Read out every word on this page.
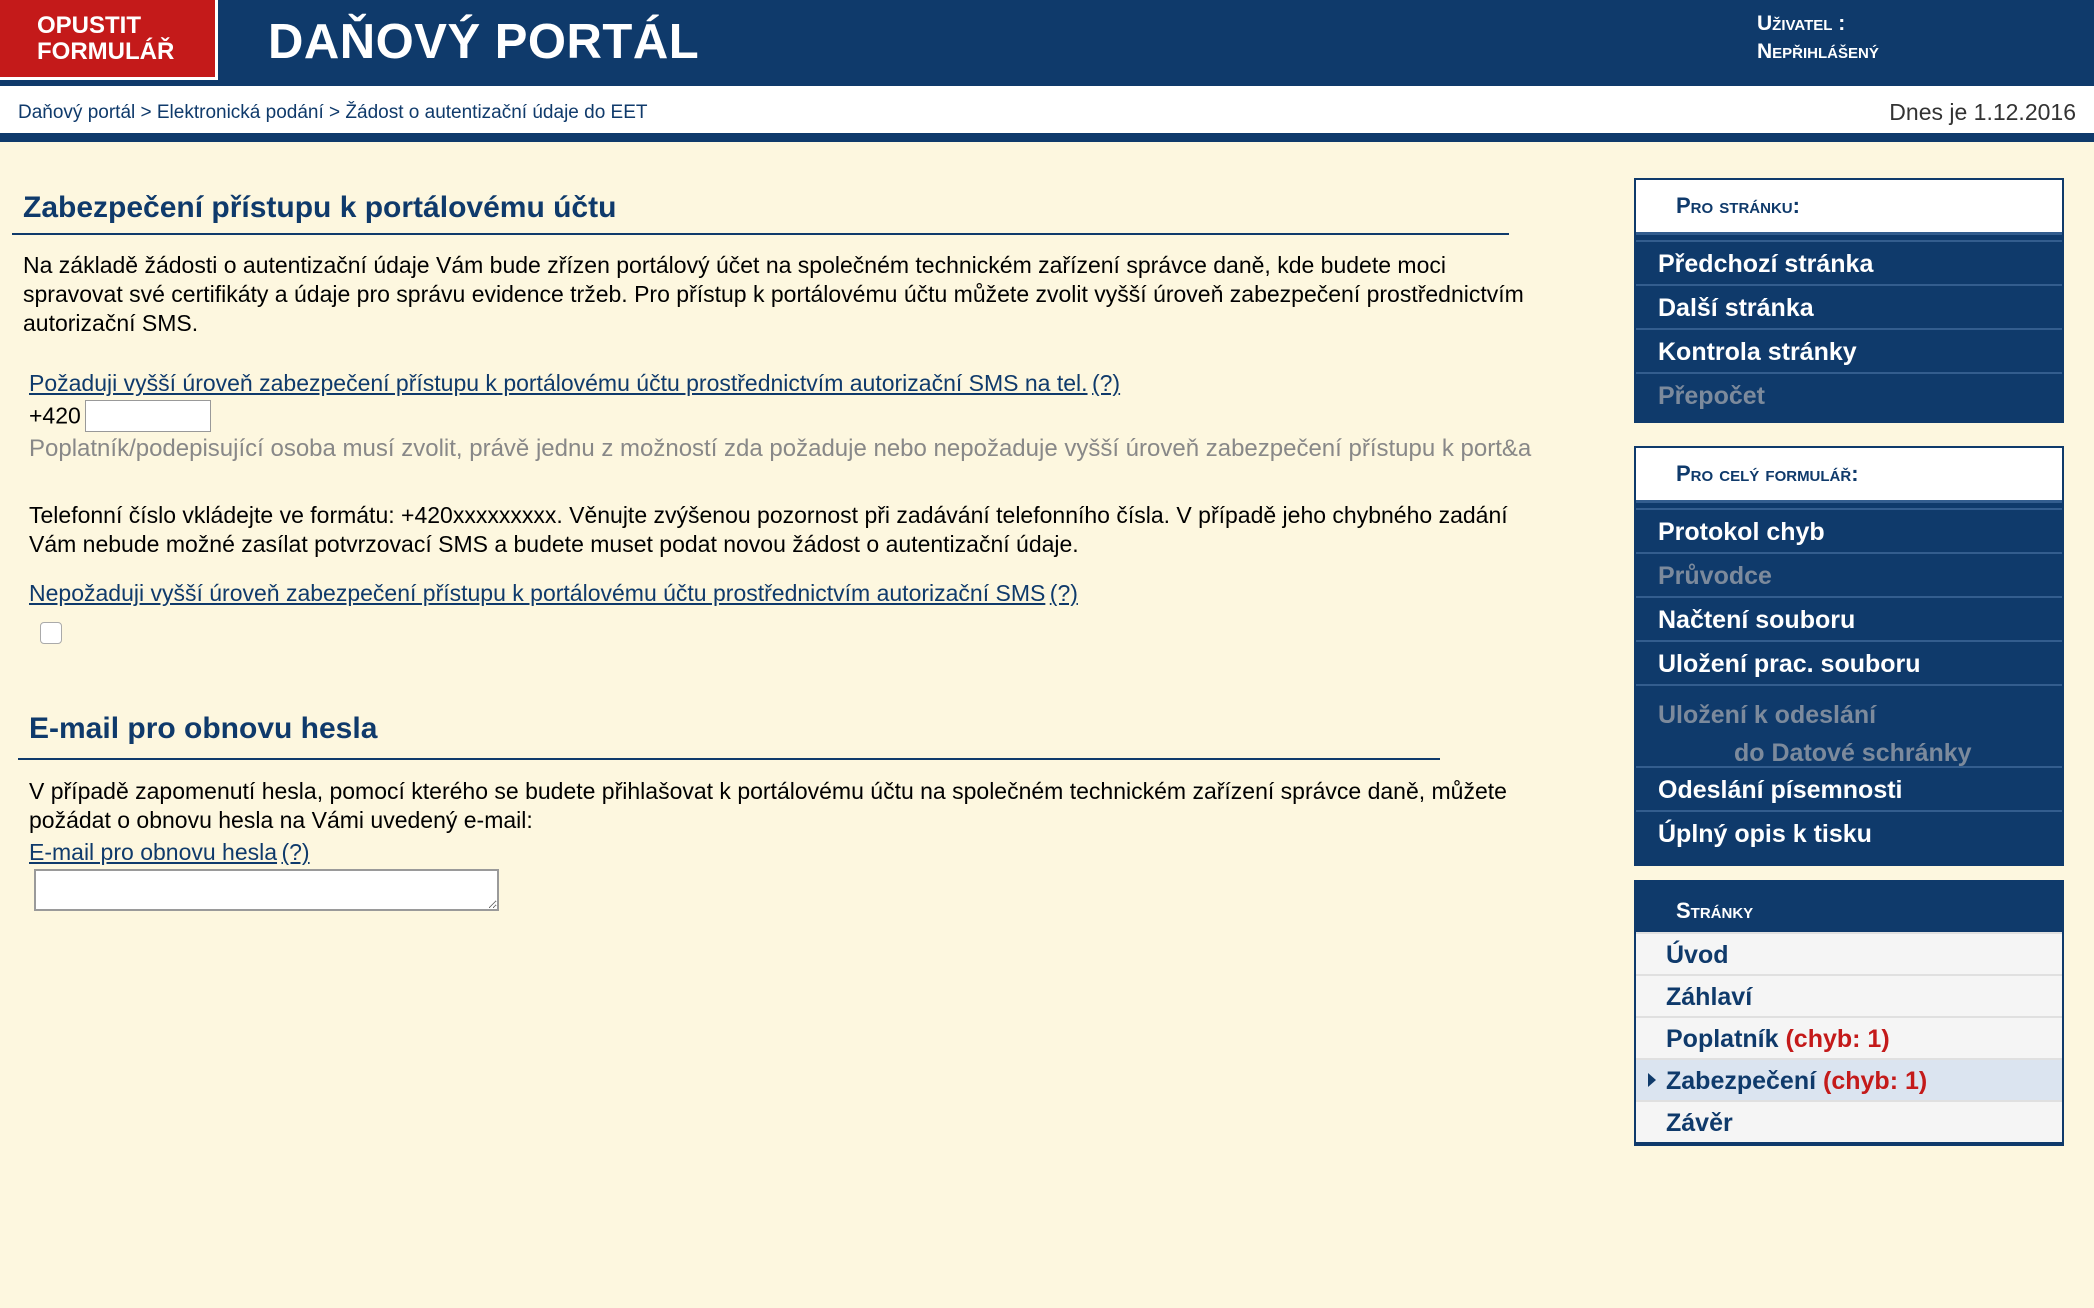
OPUSTIT
FORMULÁŘ	DAŇOVÝ PORTÁL	Uživatel :
Nepřihlášený
Daňový portál > Elektronická podání > Žádost o autentizační údaje do EET	Dnes je 1.12.2016
Zabezpečení přístupu k portálovému účtu
Na základě žádosti o autentizační údaje Vám bude zřízen portálový účet na společném technickém zařízení správce daně, kde budete moci spravovat své certifikáty a údaje pro správu evidence tržeb. Pro přístup k portálovému účtu můžete zvolit vyšší úroveň zabezpečení prostřednictvím autorizační SMS.
Požaduji vyšší úroveň zabezpečení přístupu k portálovému účtu prostřednictvím autorizační SMS na tel. (?)
+420
Poplatník/podepisující osoba musí zvolit, právě jednu z možností zda požaduje nebo nepožaduje vyšší úroveň zabezpečení přístupu k port&a
Telefonní číslo vkládejte ve formátu: +420xxxxxxxxx. Věnujte zvýšenou pozornost při zadávání telefonního čísla. V případě jeho chybného zadání Vám nebude možné zasílat potvrzovací SMS a budete muset podat novou žádost o autentizační údaje.
Nepožaduji vyšší úroveň zabezpečení přístupu k portálovému účtu prostřednictvím autorizační SMS (?)
E-mail pro obnovu hesla
V případě zapomenutí hesla, pomocí kterého se budete přihlašovat k portálovému účtu na společném technickém zařízení správce daně, můžete požádat o obnovu hesla na Vámi uvedený e-mail:
E-mail pro obnovu hesla (?)
Pro stránku:
Předchozí stránka
Další stránka
Kontrola stránky
Přepočet
Pro celý formulář:
Protokol chyb
Průvodce
Načtení souboru
Uložení prac. souboru
Uložení k odeslání
do Datové schránky
Odeslání písemnosti
Úplný opis k tisku
Stránky
Úvod
Záhlaví
Poplatník (chyb: 1)
Zabezpečení (chyb: 1)
Závěr
